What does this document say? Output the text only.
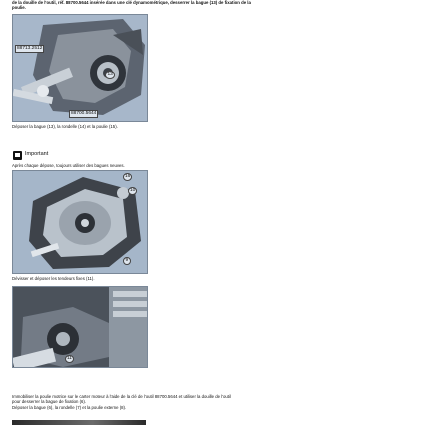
de la douille de l'outil, réf. 88700.5644 insérée dans une clé dynamométrique, desserrer la bague (13) de fixation de la
poulie.
88713.2512
88700.5644
13
Déposer la bague (13), la rondelle (14) et la poulie (15).
Important
Après chaque dépose, toujours utiliser des bagues neuves.
16
10
9
Dévisser et déposer les tendeurs fixes (11).
11
Immobiliser la poulie motrice sur le carter moteur à l'aide de la clé de l'outil 88700.5644 et utiliser la douille de l'outil
pour desserrer la bague de fixation (6).
Déposer la bague (6), la rondelle (7) et la poulie externe (8).
